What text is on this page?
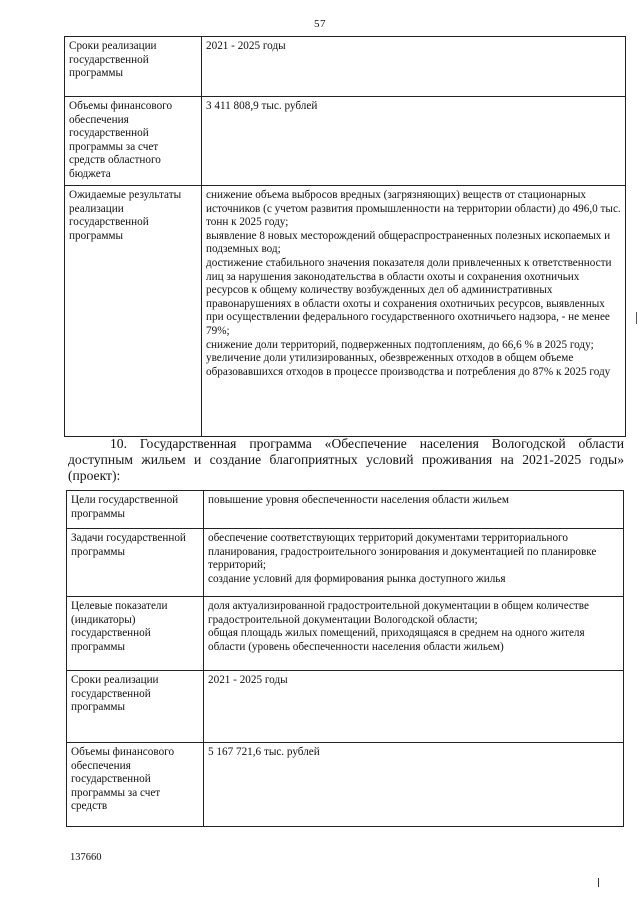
57
Сроки реализации государственной программы	2021 - 2025 годы

Объемы финансового обеспечения государственной программы за счет средств областного бюджета	3 411 808,9 тыс. рублей

Ожидаемые результаты реализации государственной программы	снижение объема выбросов вредных (загрязняющих) веществ от стационарных источников (с учетом развития промышленности на территории области) до 496,0 тыс. тонн к 2025 году;
выявление 8 новых месторождений общераспространенных полезных ископаемых и подземных вод;
достижение стабильного значения показателя доли привлеченных к ответственности лиц за нарушения законодательства в области охоты и сохранения охотничьих ресурсов к общему количеству возбужденных дел об административных правонарушениях в области охоты и сохранения охотничьих ресурсов, выявленных при осуществлении федерального государственного охотничьего надзора, - не менее 79%;
снижение доли территорий, подверженных подтоплениям, до 66,6 % в 2025 году;
увеличение доли утилизированных, обезвреженных отходов в общем объеме образовавшихся отходов в процессе производства и потребления до 87% к 2025 году
10. Государственная программа «Обеспечение населения Вологодской области доступным жильем и создание благоприятных условий проживания на 2021-2025 годы» (проект):
Цели государственной программы	повышение уровня обеспеченности населения области жильем

Задачи государственной программы	обеспечение соответствующих территорий документами территориального планирования, градостроительного зонирования и документацией по планировке территорий;
создание условий для формирования рынка доступного жилья

Целевые показатели (индикаторы) государственной программы	доля актуализированной градостроительной документации в общем количестве градостроительной документации Вологодской области;
общая площадь жилых помещений, приходящаяся в среднем на одного жителя области (уровень обеспеченности населения области жильем)

Сроки реализации государственной программы	2021 - 2025 годы

Объемы финансового обеспечения государственной программы за счет средств	5 167 721,6 тыс. рублей
137660
